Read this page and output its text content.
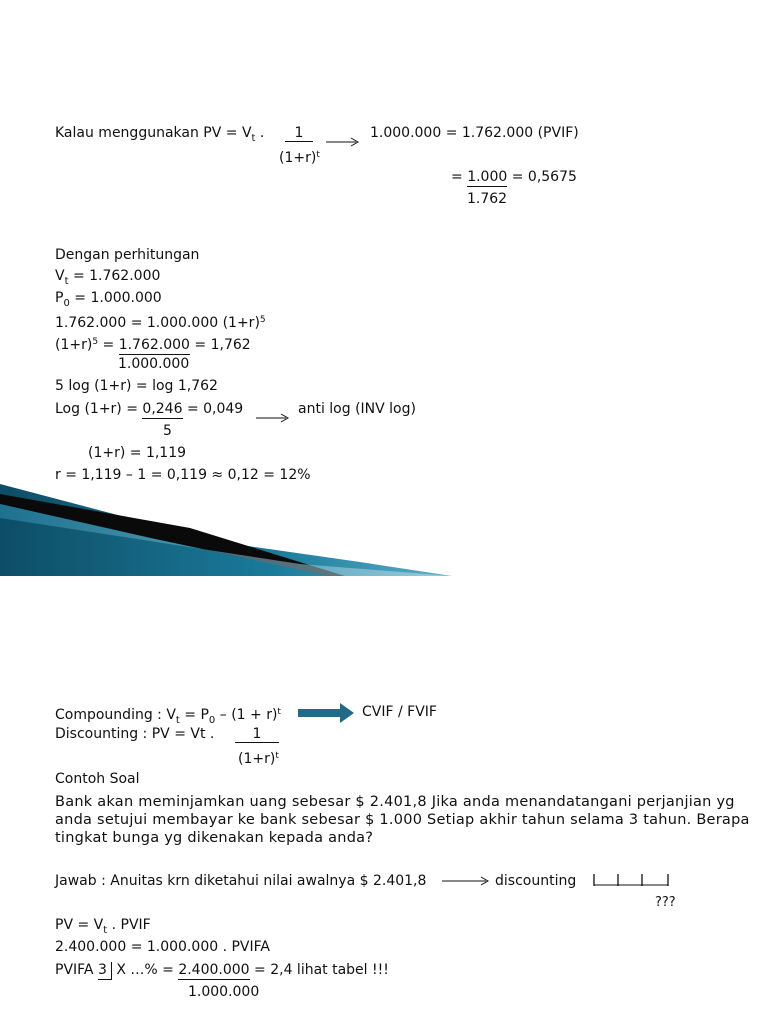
Kalau menggunakan PV = $V_t$ .	1
$(1+r)^t$
1.000.000 = 1.762.000 (PVIF)
= 1.000 = 0,5675
1.762
Dengan perhitungan
$V_t = 1.762.000$
$P_0 = 1.000.000$
1.762.000 = 1.000.000 $(1+r)^5$
$(1+r)^5 = 1.762.000 = 1,762$
1.000.000
5 log (1+r) = log 1,762
Log (1+r) = 0,246 = 0,049	anti log (INV log)
5
(1+r) = 1,119
r = 1,119 – 1 = 0,119 ≈ 0,12 = 12%
Compounding : $V_t = P_0 - (1 + r)^t$	CVIF / FVIF
Discounting : PV = Vt .	1
$(1+r)^t$
Contoh Soal
Bank akan meminjamkan uang sebesar $ 2.401,8 Jika anda menandatangani perjanjian yg
anda setujui membayar ke bank sebesar $ 1.000 Setiap akhir tahun selama 3 tahun. Berapa
tingkat bunga yg dikenakan kepada anda?
Jawab : Anuitas krn diketahui nilai awalnya $ 2.401,8	discounting
???
PV = $V_t$ . PVIF
2.400.000 = 1.000.000 . PVIFA
PVIFA 3 X …% = 2.400.000 = 2,4 lihat tabel !!!
1.000.000
